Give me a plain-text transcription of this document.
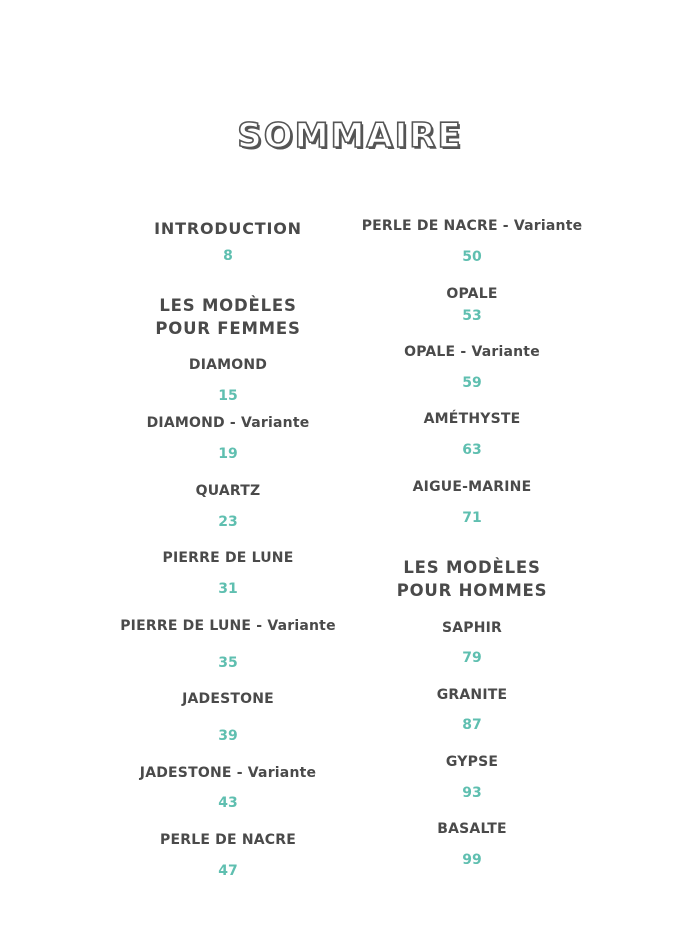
SOMMAIRE
INTRODUCTION
8
LES MODÈLES
POUR FEMMES
DIAMOND
15
DIAMOND - Variante
19
QUARTZ
23
PIERRE DE LUNE
31
PIERRE DE LUNE - Variante
35
JADESTONE
39
JADESTONE - Variante
43
PERLE DE NACRE
47
PERLE DE NACRE - Variante
50
OPALE
53
OPALE - Variante
59
AMÉTHYSTE
63
AIGUE-MARINE
71
LES MODÈLES
POUR HOMMES
SAPHIR
79
GRANITE
87
GYPSE
93
BASALTE
99
